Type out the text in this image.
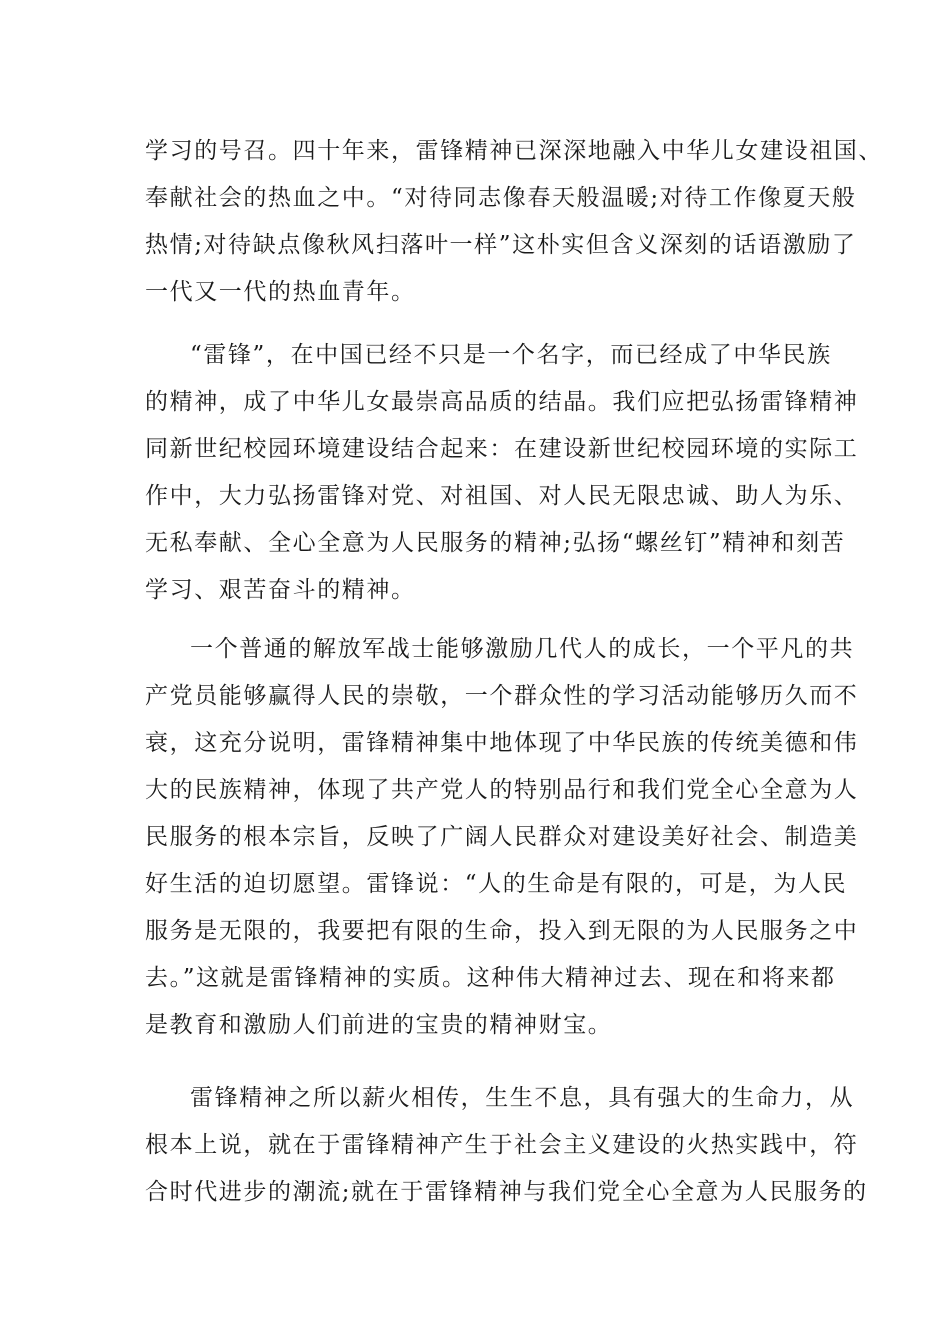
学习的号召。四十年来，雷锋精神已深深地融入中华儿女建设祖国、

奉献社会的热血之中。“对待同志像春天般温暖;对待工作像夏天般

热情;对待缺点像秋风扫落叶一样”这朴实但含义深刻的话语激励了

一代又一代的热血青年。

“雷锋”，在中国已经不只是一个名字，而已经成了中华民族

的精神，成了中华儿女最崇高品质的结晶。我们应把弘扬雷锋精神

同新世纪校园环境建设结合起来：在建设新世纪校园环境的实际工

作中，大力弘扬雷锋对党、对祖国、对人民无限忠诚、助人为乐、

无私奉献、全心全意为人民服务的精神;弘扬“螺丝钉”精神和刻苦

学习、艰苦奋斗的精神。

一个普通的解放军战士能够激励几代人的成长，一个平凡的共

产党员能够赢得人民的崇敬，一个群众性的学习活动能够历久而不

衰，这充分说明，雷锋精神集中地体现了中华民族的传统美德和伟

大的民族精神，体现了共产党人的特别品行和我们党全心全意为人

民服务的根本宗旨，反映了广阔人民群众对建设美好社会、制造美

好生活的迫切愿望。雷锋说：“人的生命是有限的，可是，为人民

服务是无限的，我要把有限的生命，投入到无限的为人民服务之中

去。”这就是雷锋精神的实质。这种伟大精神过去、现在和将来都

是教育和激励人们前进的宝贵的精神财宝。

雷锋精神之所以薪火相传，生生不息，具有强大的生命力，从

根本上说，就在于雷锋精神产生于社会主义建设的火热实践中，符

合时代进步的潮流;就在于雷锋精神与我们党全心全意为人民服务的
